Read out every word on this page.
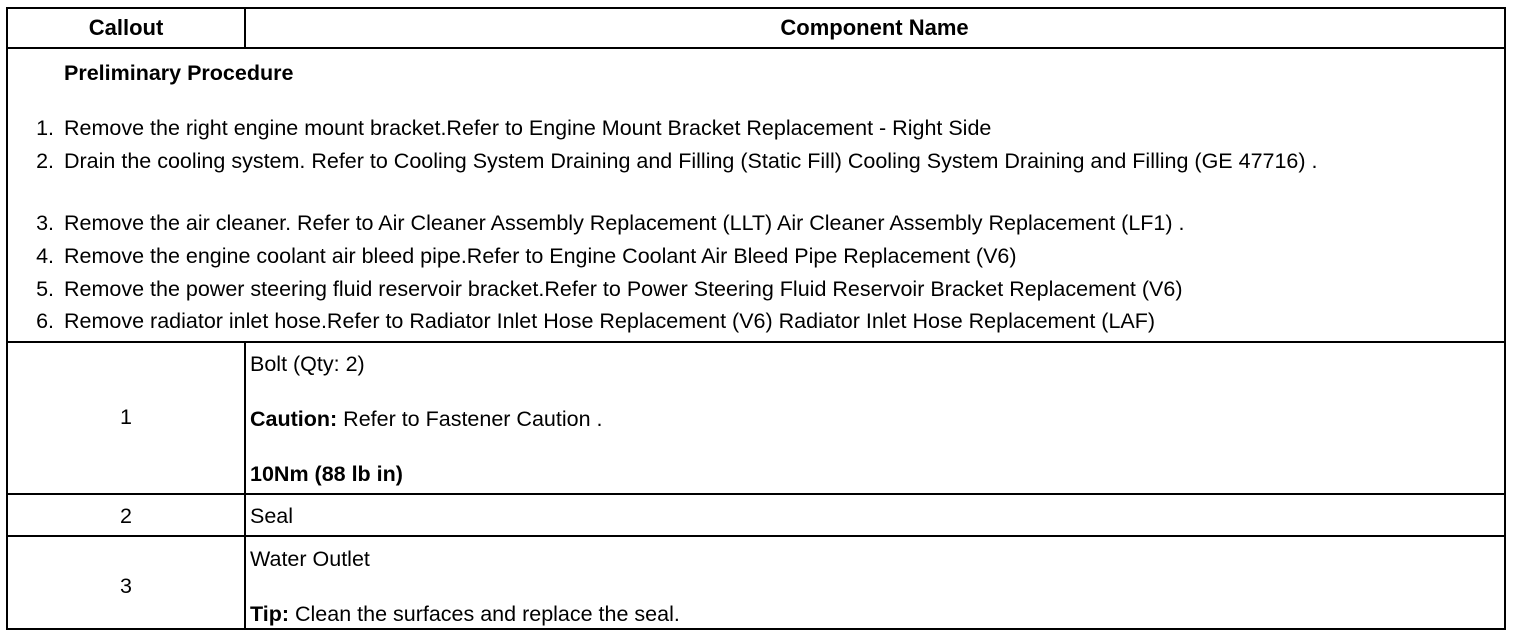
Callout	Component Name
Preliminary Procedure
1. Remove the right engine mount bracket.Refer to Engine Mount Bracket Replacement - Right Side
2. Drain the cooling system. Refer to Cooling System Draining and Filling (Static Fill) Cooling System Draining and Filling (GE 47716) .
3. Remove the air cleaner. Refer to Air Cleaner Assembly Replacement (LLT) Air Cleaner Assembly Replacement (LF1) .
4. Remove the engine coolant air bleed pipe.Refer to Engine Coolant Air Bleed Pipe Replacement (V6)
5. Remove the power steering fluid reservoir bracket.Refer to Power Steering Fluid Reservoir Bracket Replacement (V6)
6. Remove radiator inlet hose.Refer to Radiator Inlet Hose Replacement (V6) Radiator Inlet Hose Replacement (LAF)
1
Bolt (Qty: 2)
Caution: Refer to Fastener Caution .
10Nm (88 lb in)
2	Seal
3
Water Outlet
Tip: Clean the surfaces and replace the seal.
